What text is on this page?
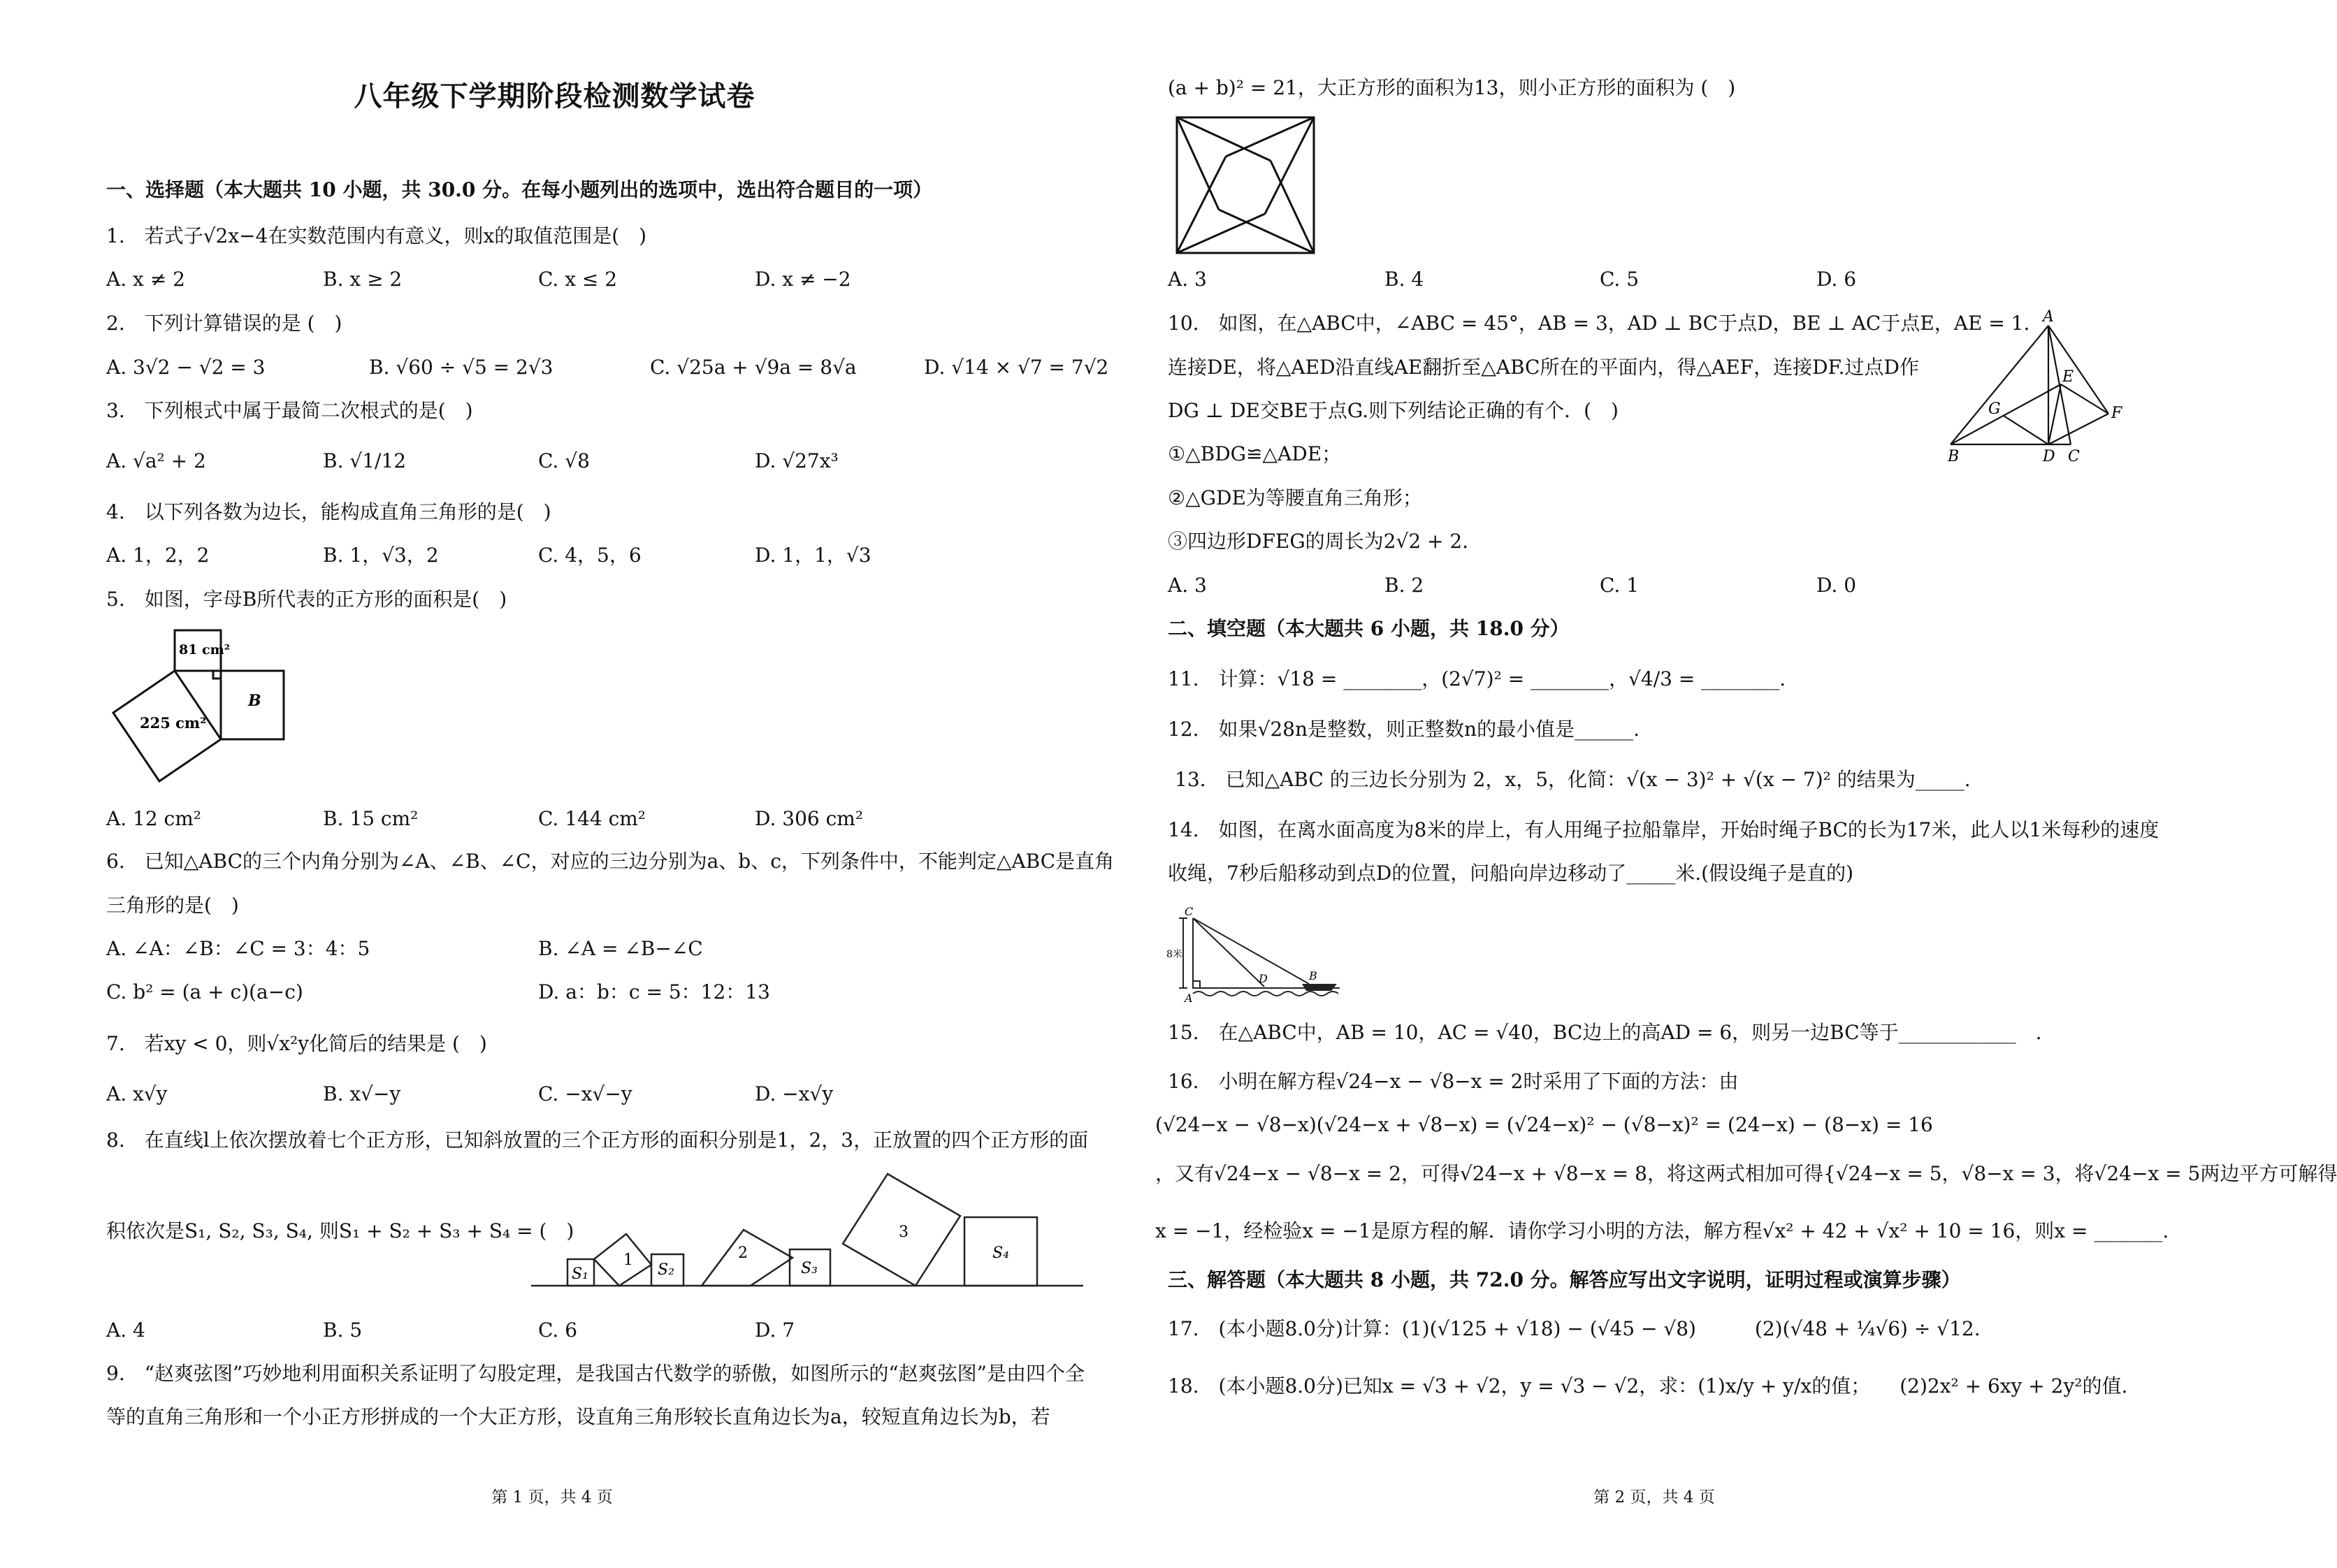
八年级下学期阶段检测数学试卷
一、选择题（本大题共 10 小题，共 30.0 分。在每小题列出的选项中，选出符合题目的一项）
1.　若式子√2x−4在实数范围内有意义，则x的取值范围是(　)
A. x ≠ 2	B. x ≥ 2	C. x ≤ 2	D. x ≠ −2
2.　下列计算错误的是 (　)
A. 3√2 − √2 = 3	B. √60 ÷ √5 = 2√3	C. √25a + √9a = 8√a	D. √14 × √7 = 7√2
3.　下列根式中属于最简二次根式的是(　)
A. √a² + 2	B. √1/12	C. √8	D. √27x³
4.　以下列各数为边长，能构成直角三角形的是(　)
A. 1，2，2	B. 1，√3，2	C. 4，5，6	D. 1，1，√3
5.　如图，字母B所代表的正方形的面积是(　)
81 cm²
225 cm²
B
A. 12 cm²	B. 15 cm²	C. 144 cm²	D. 306 cm²
6.　已知△ABC的三个内角分别为∠A、∠B、∠C，对应的三边分别为a、b、c，下列条件中，不能判定△ABC是直角
三角形的是(　)
A. ∠A：∠B：∠C = 3：4：5	B. ∠A = ∠B−∠C
C. b² = (a + c)(a−c)	D. a：b：c = 5：12：13
7.　若xy < 0，则√x²y化简后的结果是 (　)
A. x√y	B. x√−y	C. −x√−y	D. −x√y
8.　在直线l上依次摆放着七个正方形，已知斜放置的三个正方形的面积分别是1，2，3，正放置的四个正方形的面
积依次是S₁, S₂, S₃, S₄, 则S₁ + S₂ + S₃ + S₄ = (　)
S₁
1
S₂
2
S₃
3
S₄
A. 4	B. 5	C. 6	D. 7
9.　“赵爽弦图”巧妙地利用面积关系证明了勾股定理，是我国古代数学的骄傲，如图所示的“赵爽弦图”是由四个全
等的直角三角形和一个小正方形拼成的一个大正方形，设直角三角形较长直角边长为a，较短直角边长为b，若
第 1 页，共 4 页
(a + b)² = 21，大正方形的面积为13，则小正方形的面积为 (　)
A. 3	B. 4	C. 5	D. 6
10.　如图，在△ABC中，∠ABC = 45°，AB = 3，AD ⊥ BC于点D，BE ⊥ AC于点E，AE = 1.
连接DE，将△AED沿直线AE翻折至△ABC所在的平面内，得△AEF，连接DF.过点D作
DG ⊥ DE交BE于点G.则下列结论正确的有个．(　)
①△BDG≌△ADE；
②△GDE为等腰直角三角形；
③四边形DFEG的周长为2√2 + 2．
A
B	D C
E
F
G
A. 3	B. 2	C. 1	D. 0
二、填空题（本大题共 6 小题，共 18.0 分）
11.　计算：√18 = ________，(2√7)² = ________，√4/3 = ________.
12.　如果√28n是整数，则正整数n的最小值是______.
13.　已知△ABC 的三边长分别为 2，x，5，化简：√(x − 3)² + √(x − 7)² 的结果为_____.
14.　如图，在离水面高度为8米的岸上，有人用绳子拉船靠岸，开始时绳子BC的长为17米，此人以1米每秒的速度
收绳，7秒后船移动到点D的位置，问船向岸边移动了_____米.(假设绳子是直的)
C
A
D	B
8米
15.　在△ABC中，AB = 10，AC = √40，BC边上的高AD = 6，则另一边BC等于____________　.
16.　小明在解方程√24−x − √8−x = 2时采用了下面的方法：由
(√24−x − √8−x)(√24−x + √8−x) = (√24−x)² − (√8−x)² = (24−x) − (8−x) = 16
，又有√24−x − √8−x = 2，可得√24−x + √8−x = 8，将这两式相加可得{√24−x = 5，√8−x = 3，将√24−x = 5两边平方可解得
x = −1，经检验x = −1是原方程的解．请你学习小明的方法，解方程√x² + 42 + √x² + 10 = 16，则x = _______.
三、解答题（本大题共 8 小题，共 72.0 分。解答应写出文字说明，证明过程或演算步骤）
17.　(本小题8.0分)计算：(1)(√125 + √18) − (√45 − √8)　　　(2)(√48 + ¼√6) ÷ √12.
18.　(本小题8.0分)已知x = √3 + √2，y = √3 − √2，求：(1)x/y + y/x的值；　　(2)2x² + 6xy + 2y²的值.
第 2 页，共 4 页
